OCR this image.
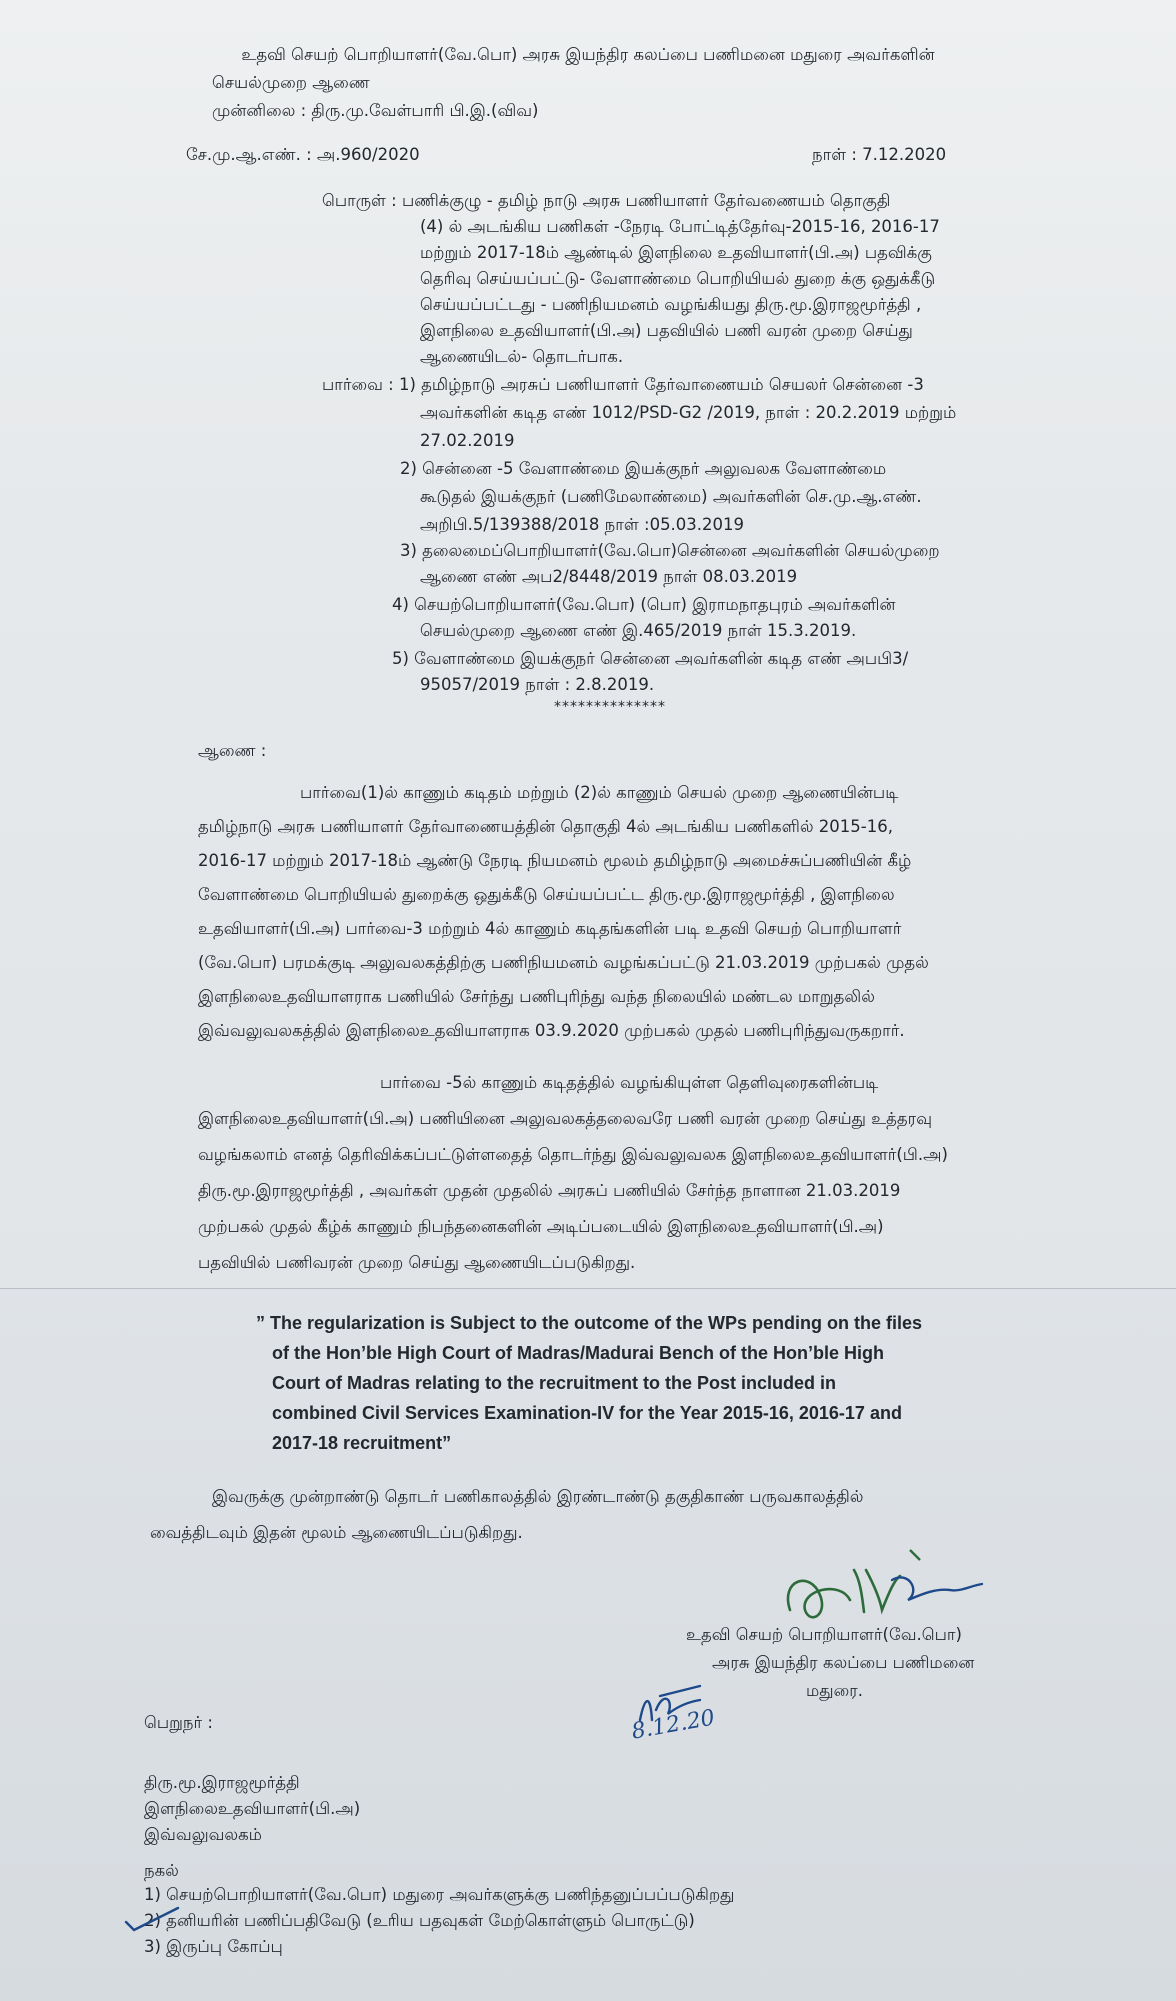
உதவி செயற் பொறியாளர்(வே.பொ) அரசு இயந்திர கலப்பை பணிமனை மதுரை அவர்களின்
செயல்முறை ஆணை
முன்னிலை : திரு.மு.வேள்பாரி பி.இ.(விவ)
சே.மு.ஆ.எண். : அ.960/2020	நாள் : 7.12.2020
பொருள் : பணிக்குழு - தமிழ் நாடு அரசு பணியாளர் தேர்வணையம் தொகுதி
(4) ல் அடங்கிய பணிகள் -நேரடி போட்டித்தேர்வு-2015-16, 2016-17
மற்றும் 2017-18ம் ஆண்டில் இளநிலை உதவியாளர்(பி.அ) பதவிக்கு
தெரிவு செய்யப்பட்டு- வேளாண்மை பொறியியல் துறை க்கு ஒதுக்கீடு
செய்யப்பட்டது - பணிநியமனம் வழங்கியது திரு.மூ.இராஜமூர்த்தி ,
இளநிலை உதவியாளர்(பி.அ) பதவியில் பணி வரன் முறை செய்து
ஆணையிடல்- தொடர்பாக.
பார்வை : 1) தமிழ்நாடு அரசுப் பணியாளர் தேர்வாணையம் செயலர் சென்னை -3
அவர்களின் கடித எண் 1012/PSD-G2 /2019, நாள் : 20.2.2019 மற்றும்
27.02.2019
2) சென்னை -5 வேளாண்மை இயக்குநர் அலுவலக வேளாண்மை
கூடுதல் இயக்குநர் (பணிமேலாண்மை) அவர்களின் செ.மு.ஆ.எண்.
அறிபி.5/139388/2018 நாள் :05.03.2019
3) தலைமைப்பொறியாளர்(வே.பொ)சென்னை அவர்களின் செயல்முறை
ஆணை எண் அப2/8448/2019 நாள் 08.03.2019
4) செயற்பொறியாளர்(வே.பொ) (பொ) இராமநாதபுரம் அவர்களின்
செயல்முறை ஆணை எண் இ.465/2019 நாள் 15.3.2019.
5) வேளாண்மை இயக்குநர் சென்னை அவர்களின் கடித எண் அபபி3/
95057/2019 நாள் : 2.8.2019.
**************
ஆணை :
பார்வை(1)ல் காணும் கடிதம் மற்றும் (2)ல் காணும் செயல் முறை ஆணையின்படி
தமிழ்நாடு அரசு பணியாளர் தேர்வாணையத்தின் தொகுதி 4ல் அடங்கிய பணிகளில் 2015-16,
2016-17 மற்றும் 2017-18ம் ஆண்டு நேரடி நியமனம் மூலம் தமிழ்நாடு அமைச்சுப்பணியின் கீழ்
வேளாண்மை பொறியியல் துறைக்கு ஒதுக்கீடு செய்யப்பட்ட திரு.மூ.இராஜமூர்த்தி , இளநிலை
உதவியாளர்(பி.அ) பார்வை-3 மற்றும் 4ல் காணும் கடிதங்களின் படி உதவி செயற் பொறியாளர்
(வே.பொ) பரமக்குடி அலுவலகத்திற்கு பணிநியமனம் வழங்கப்பட்டு 21.03.2019 முற்பகல் முதல்
இளநிலைஉதவியாளராக பணியில் சேர்ந்து பணிபுரிந்து வந்த நிலையில் மண்டல மாறுதலில்
இவ்வலுவலகத்தில் இளநிலைஉதவியாளராக 03.9.2020 முற்பகல் முதல் பணிபுரிந்துவருகறார்.
பார்வை -5ல் காணும் கடிதத்தில் வழங்கியுள்ள தெளிவுரைகளின்படி
இளநிலைஉதவியாளர்(பி.அ) பணியினை அலுவலகத்தலைவரே பணி வரன் முறை செய்து உத்தரவு
வழங்கலாம் எனத் தெரிவிக்கப்பட்டுள்ளதைத் தொடர்ந்து இவ்வலுவலக இளநிலைஉதவியாளர்(பி.அ)
திரு.மூ.இராஜமூர்த்தி , அவர்கள் முதன் முதலில் அரசுப் பணியில் சேர்ந்த நாளான 21.03.2019
முற்பகல் முதல் கீழ்க் காணும் நிபந்தனைகளின் அடிப்படையில் இளநிலைஉதவியாளர்(பி.அ)
பதவியில் பணிவரன் முறை செய்து ஆணையிடப்படுகிறது.
” The regularization is Subject to the outcome of the WPs pending on the files
of the Hon’ble High Court of Madras/Madurai Bench of the Hon’ble High
Court of Madras relating to the recruitment to the Post included in
combined Civil Services Examination-IV for the Year 2015-16, 2016-17 and
2017-18 recruitment”
இவருக்கு முன்றாண்டு தொடர் பணிகாலத்தில் இரண்டாண்டு தகுதிகாண் பருவகாலத்தில்
வைத்திடவும் இதன் மூலம் ஆணையிடப்படுகிறது.
உதவி செயற் பொறியாளர்(வே.பொ)
அரசு இயந்திர கலப்பை பணிமனை
மதுரை.
8.12.20
பெறுநர் :
திரு.மூ.இராஜமூர்த்தி
இளநிலைஉதவியாளர்(பி.அ)
இவ்வலுவலகம்
நகல்
1) செயற்பொறியாளர்(வே.பொ) மதுரை அவர்களுக்கு பணிந்தனுப்பப்படுகிறது
2) தனியரின் பணிப்பதிவேடு (உரிய பதவுகள் மேற்கொள்ளும் பொருட்டு)
3) இருப்பு கோப்பு
